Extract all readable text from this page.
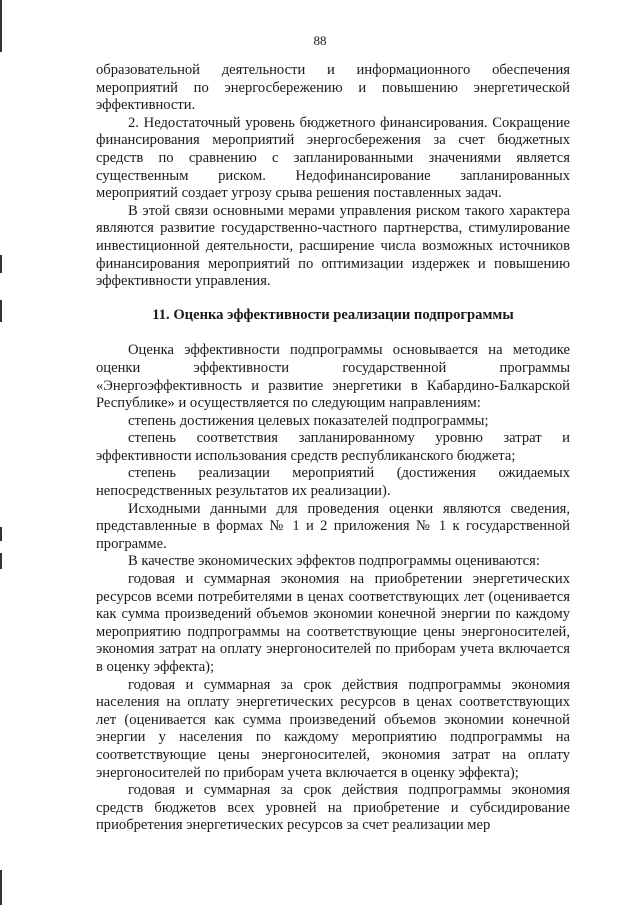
88

образовательной деятельности и информационного обеспечения мероприятий по энергосбережению и повышению энергетической эффективности.

2. Недостаточный уровень бюджетного финансирования. Сокращение финансирования мероприятий энергосбережения за счет бюджетных средств по сравнению с запланированными значениями является существенным риском. Недофинансирование запланированных мероприятий создает угрозу срыва решения поставленных задач.

В этой связи основными мерами управления риском такого характера являются развитие государственно-частного партнерства, стимулирование инвестиционной деятельности, расширение числа возможных источников финансирования мероприятий по оптимизации издержек и повышению эффективности управления.

11. Оценка эффективности реализации подпрограммы

Оценка эффективности подпрограммы основывается на методике оценки эффективности государственной программы «Энергоэффективность и развитие энергетики в Кабардино-Балкарской Республике» и осуществляется по следующим направлениям:

степень достижения целевых показателей подпрограммы;

степень соответствия запланированному уровню затрат и эффективности использования средств республиканского бюджета;

степень реализации мероприятий (достижения ожидаемых непосредственных результатов их реализации).

Исходными данными для проведения оценки являются сведения, представленные в формах № 1 и 2 приложения № 1 к государственной программе.

В качестве экономических эффектов подпрограммы оцениваются:

годовая и суммарная экономия на приобретении энергетических ресурсов всеми потребителями в ценах соответствующих лет (оценивается как сумма произведений объемов экономии конечной энергии по каждому мероприятию подпрограммы на соответствующие цены энергоносителей, экономия затрат на оплату энергоносителей по приборам учета включается в оценку эффекта);

годовая и суммарная за срок действия подпрограммы экономия населения на оплату энергетических ресурсов в ценах соответствующих лет (оценивается как сумма произведений объемов экономии конечной энергии у населения по каждому мероприятию подпрограммы на соответствующие цены энергоносителей, экономия затрат на оплату энергоносителей по приборам учета включается в оценку эффекта);

годовая и суммарная за срок действия подпрограммы экономия средств бюджетов всех уровней на приобретение и субсидирование приобретения энергетических ресурсов за счет реализации мер
